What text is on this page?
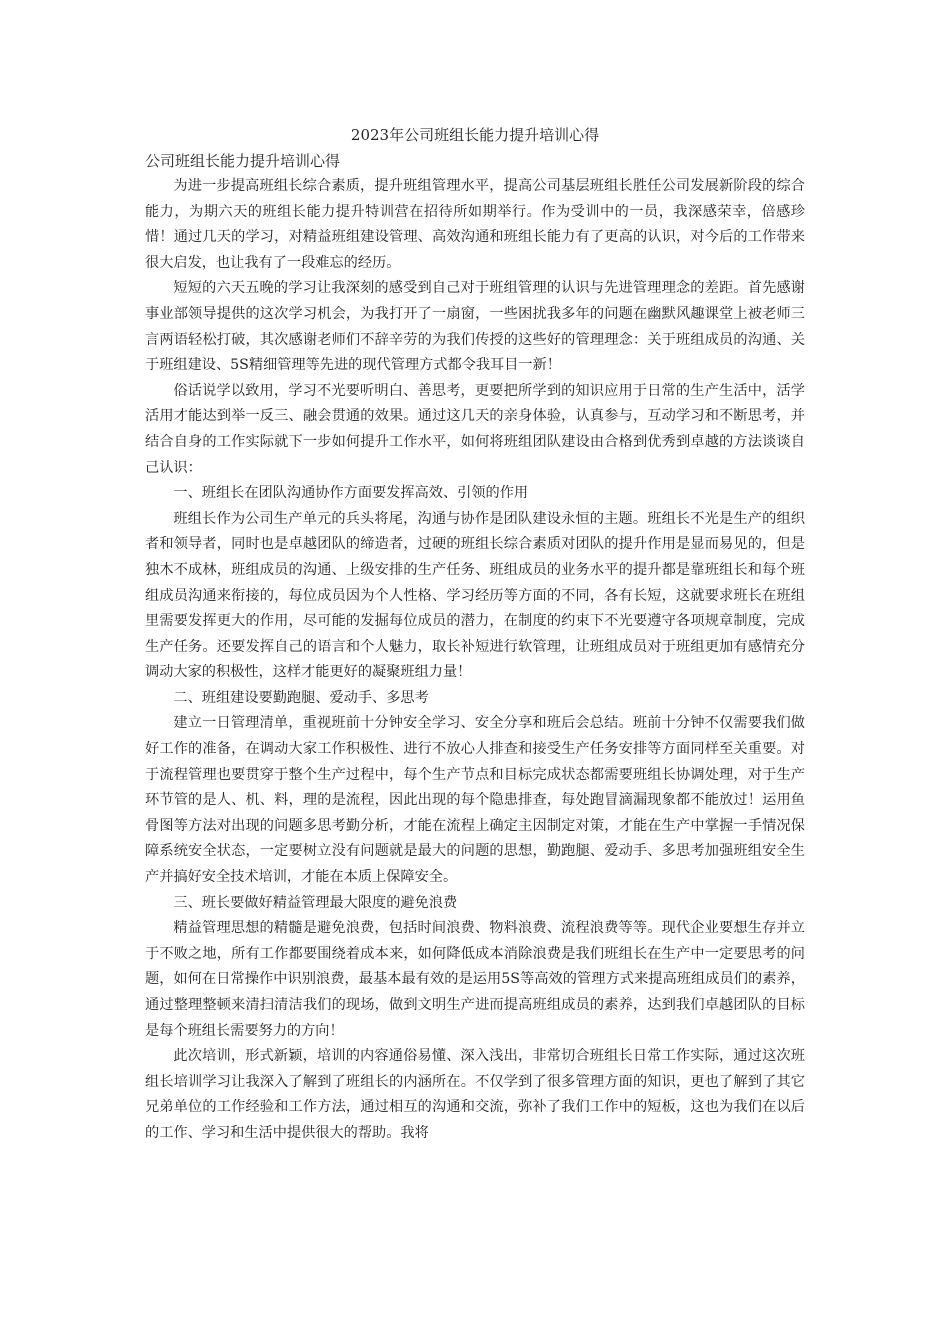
2023年公司班组长能力提升培训心得
公司班组长能力提升培训心得

为进一步提高班组长综合素质，提升班组管理水平，提高公司基层班组长胜任公司发展新阶段的综合能力，为期六天的班组长能力提升特训营在招待所如期举行。作为受训中的一员，我深感荣幸，倍感珍惜！通过几天的学习，对精益班组建设管理、高效沟通和班组长能力有了更高的认识，对今后的工作带来很大启发，也让我有了一段难忘的经历。

短短的六天五晚的学习让我深刻的感受到自己对于班组管理的认识与先进管理理念的差距。首先感谢事业部领导提供的这次学习机会，为我打开了一扇窗，一些困扰我多年的问题在幽默风趣课堂上被老师三言两语轻松打破，其次感谢老师们不辞辛劳的为我们传授的这些好的管理理念：关于班组成员的沟通、关于班组建设、5S精细管理等先进的现代管理方式都令我耳目一新！

俗话说学以致用，学习不光要听明白、善思考，更要把所学到的知识应用于日常的生产生活中，活学活用才能达到举一反三、融会贯通的效果。通过这几天的亲身体验，认真参与，互动学习和不断思考，并结合自身的工作实际就下一步如何提升工作水平，如何将班组团队建设由合格到优秀到卓越的方法谈谈自己认识：

一、班组长在团队沟通协作方面要发挥高效、引领的作用

班组长作为公司生产单元的兵头将尾，沟通与协作是团队建设永恒的主题。班组长不光是生产的组织者和领导者，同时也是卓越团队的缔造者，过硬的班组长综合素质对团队的提升作用是显而易见的，但是独木不成林，班组成员的沟通、上级安排的生产任务、班组成员的业务水平的提升都是靠班组长和每个班组成员沟通来衔接的，每位成员因为个人性格、学习经历等方面的不同，各有长短，这就要求班长在班组里需要发挥更大的作用，尽可能的发掘每位成员的潜力，在制度的约束下不光要遵守各项规章制度，完成生产任务。还要发挥自己的语言和个人魅力，取长补短进行软管理，让班组成员对于班组更加有感情充分调动大家的积极性，这样才能更好的凝聚班组力量！

二、班组建设要勤跑腿、爱动手、多思考

建立一日管理清单，重视班前十分钟安全学习、安全分享和班后会总结。班前十分钟不仅需要我们做好工作的准备，在调动大家工作积极性、进行不放心人排查和接受生产任务安排等方面同样至关重要。对于流程管理也要贯穿于整个生产过程中，每个生产节点和目标完成状态都需要班组长协调处理，对于生产环节管的是人、机、料，理的是流程，因此出现的每个隐患排查，每处跑冒滴漏现象都不能放过！运用鱼骨图等方法对出现的问题多思考勤分析，才能在流程上确定主因制定对策，才能在生产中掌握一手情况保障系统安全状态，一定要树立没有问题就是最大的问题的思想，勤跑腿、爱动手、多思考加强班组安全生产并搞好安全技术培训，才能在本质上保障安全。

三、班长要做好精益管理最大限度的避免浪费

精益管理思想的精髓是避免浪费，包括时间浪费、物料浪费、流程浪费等等。现代企业要想生存并立于不败之地，所有工作都要围绕着成本来，如何降低成本消除浪费是我们班组长在生产中一定要思考的问题，如何在日常操作中识别浪费，最基本最有效的是运用5S等高效的管理方式来提高班组成员们的素养，通过整理整顿来清扫清洁我们的现场，做到文明生产进而提高班组成员的素养，达到我们卓越团队的目标是每个班组长需要努力的方向！

此次培训，形式新颖，培训的内容通俗易懂、深入浅出，非常切合班组长日常工作实际，通过这次班组长培训学习让我深入了解到了班组长的内涵所在。不仅学到了很多管理方面的知识，更也了解到了其它兄弟单位的工作经验和工作方法，通过相互的沟通和交流，弥补了我们工作中的短板，这也为我们在以后的工作、学习和生活中提供很大的帮助。我将
